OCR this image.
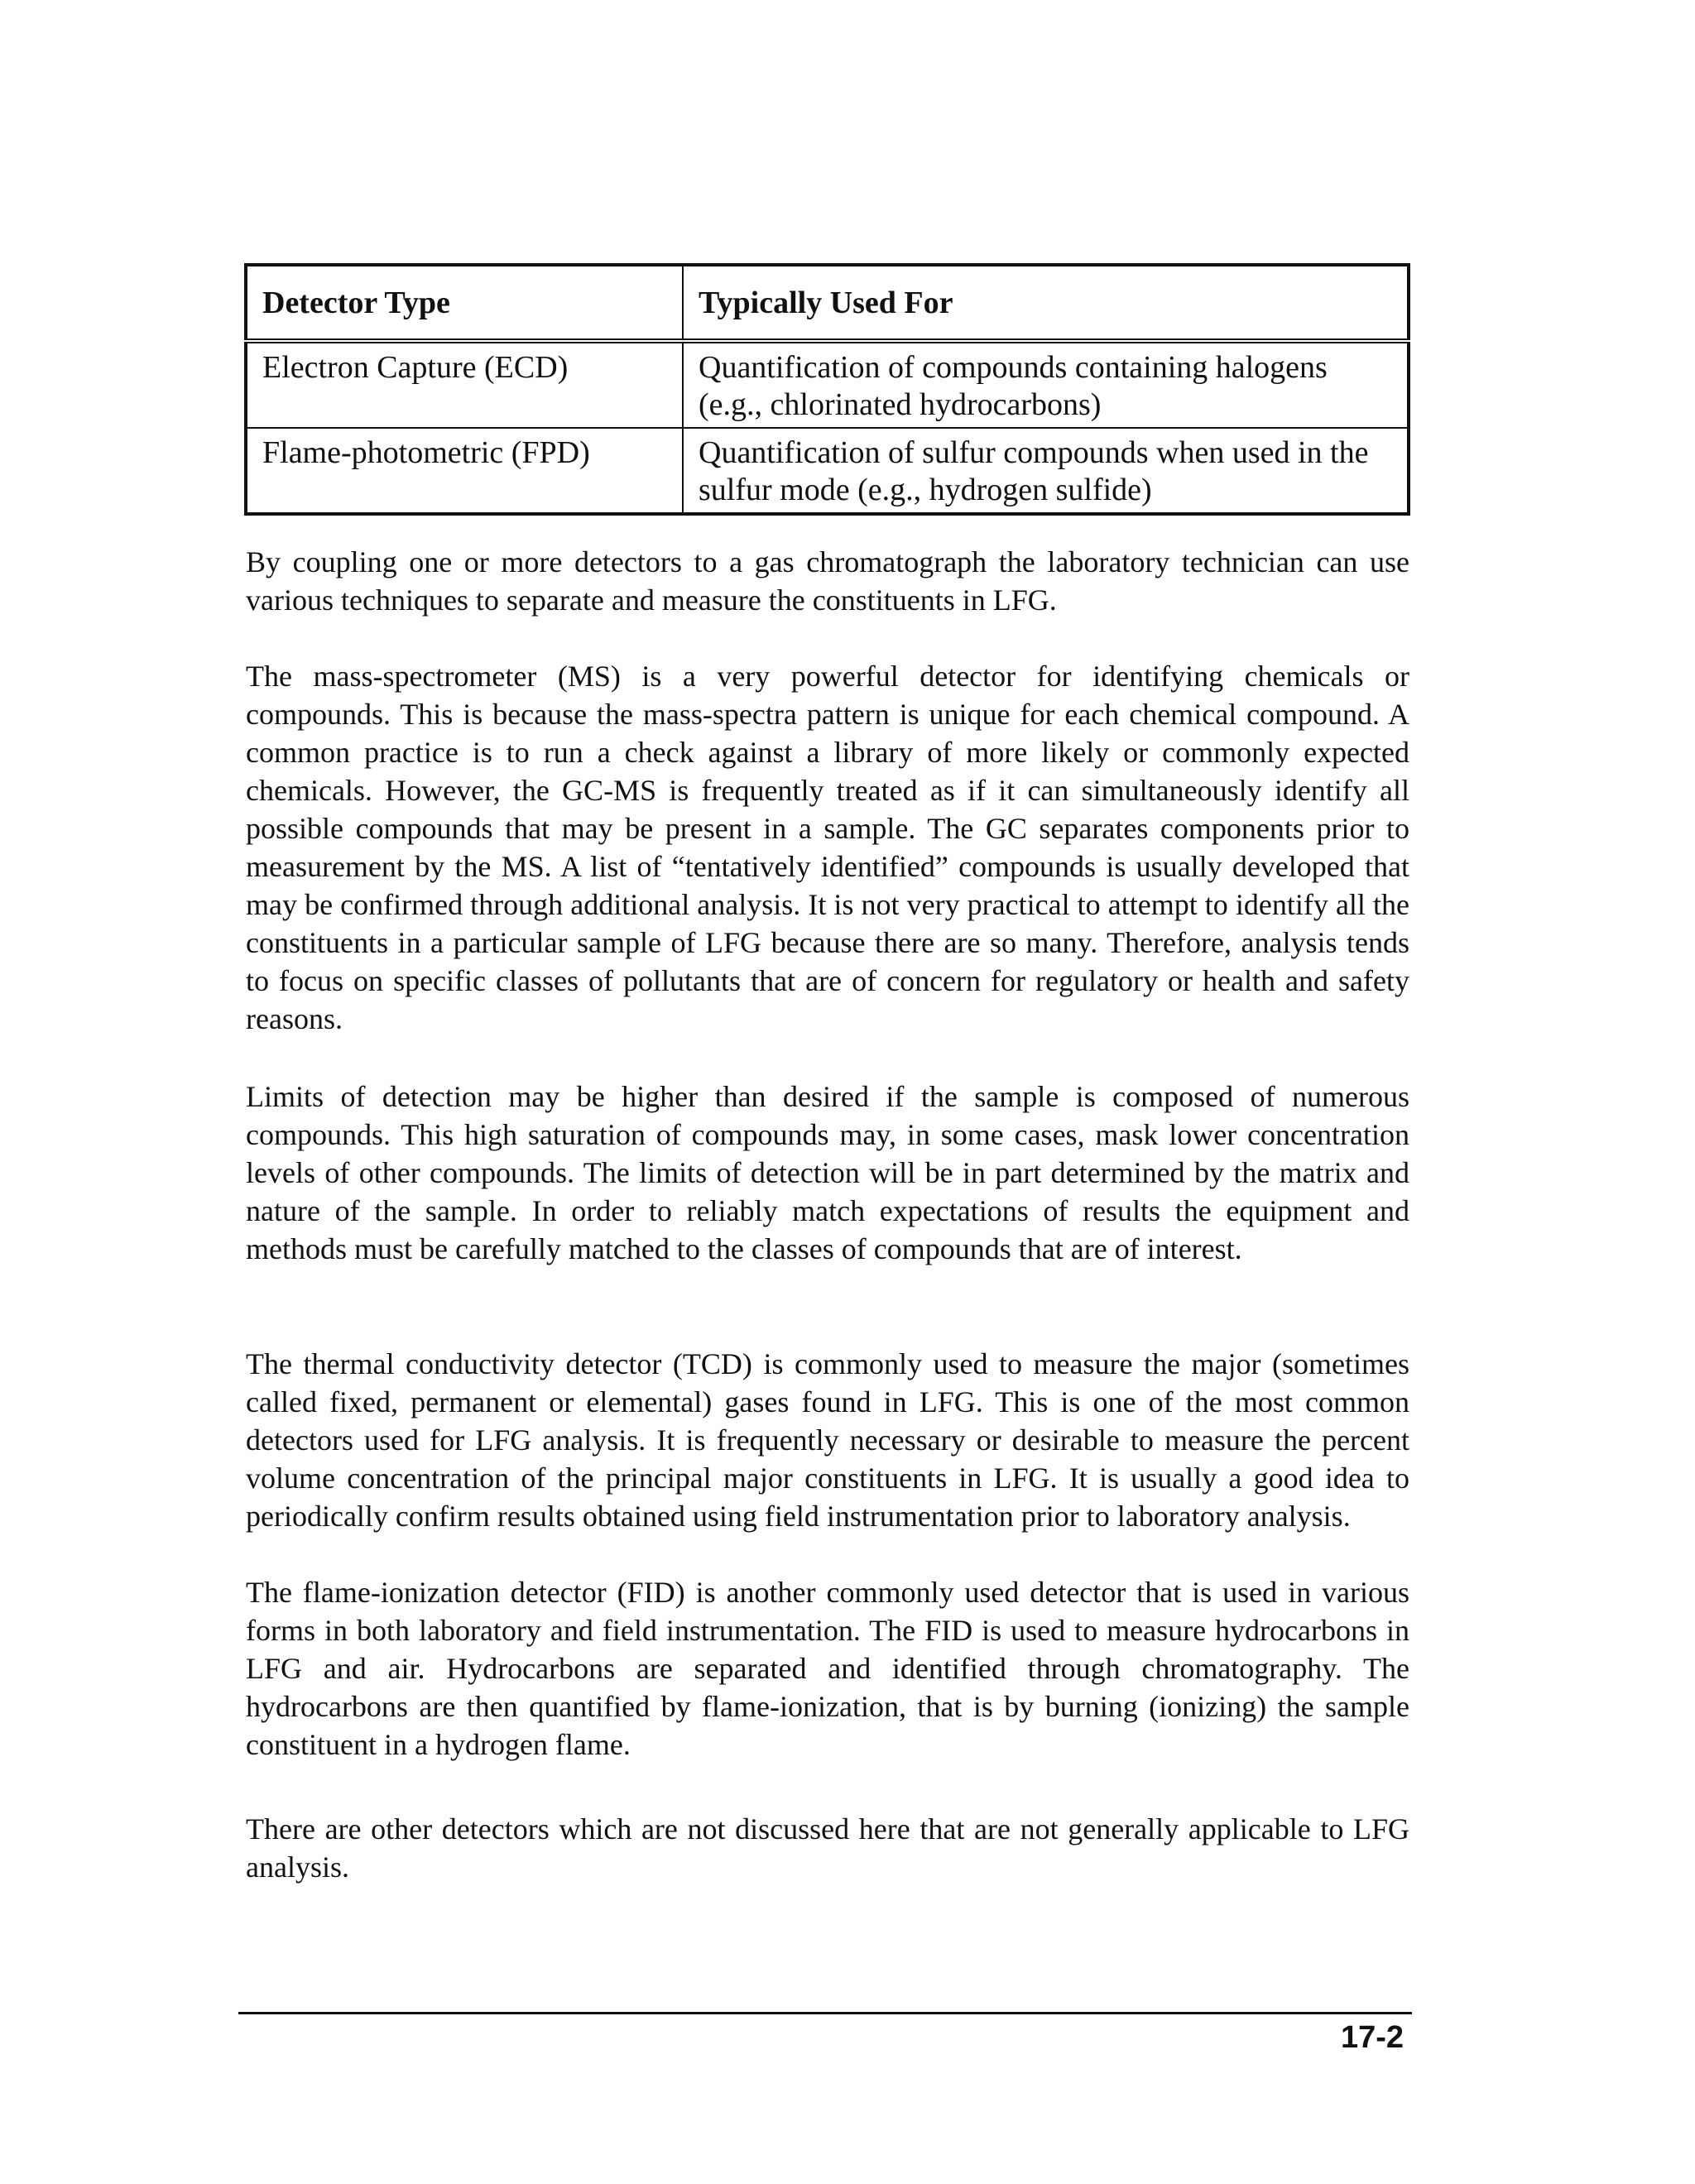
Detector Type	Typically Used For
Electron Capture (ECD)	Quantification of compounds containing halogens (e.g., chlorinated hydrocarbons)
Flame-photometric (FPD)	Quantification of sulfur compounds when used in the sulfur mode (e.g., hydrogen sulfide)

By coupling one or more detectors to a gas chromatograph the laboratory technician can use various techniques to separate and measure the constituents in LFG.

The mass-spectrometer (MS) is a very powerful detector for identifying chemicals or compounds. This is because the mass-spectra pattern is unique for each chemical compound. A common practice is to run a check against a library of more likely or commonly expected chemicals. However, the GC-MS is frequently treated as if it can simultaneously identify all possible compounds that may be present in a sample. The GC separates components prior to measurement by the MS. A list of “tentatively identified” compounds is usually developed that may be confirmed through additional analysis. It is not very practical to attempt to identify all the constituents in a particular sample of LFG because there are so many. Therefore, analysis tends to focus on specific classes of pollutants that are of concern for regulatory or health and safety reasons.

Limits of detection may be higher than desired if the sample is composed of numerous compounds. This high saturation of compounds may, in some cases, mask lower concentration levels of other compounds. The limits of detection will be in part determined by the matrix and nature of the sample. In order to reliably match expectations of results the equipment and methods must be carefully matched to the classes of compounds that are of interest.

The thermal conductivity detector (TCD) is commonly used to measure the major (sometimes called fixed, permanent or elemental) gases found in LFG. This is one of the most common detectors used for LFG analysis. It is frequently necessary or desirable to measure the percent volume concentration of the principal major constituents in LFG. It is usually a good idea to periodically confirm results obtained using field instrumentation prior to laboratory analysis.

The flame-ionization detector (FID) is another commonly used detector that is used in various forms in both laboratory and field instrumentation. The FID is used to measure hydrocarbons in LFG and air. Hydrocarbons are separated and identified through chromatography. The hydrocarbons are then quantified by flame-ionization, that is by burning (ionizing) the sample constituent in a hydrogen flame.

There are other detectors which are not discussed here that are not generally applicable to LFG analysis.

17-2
